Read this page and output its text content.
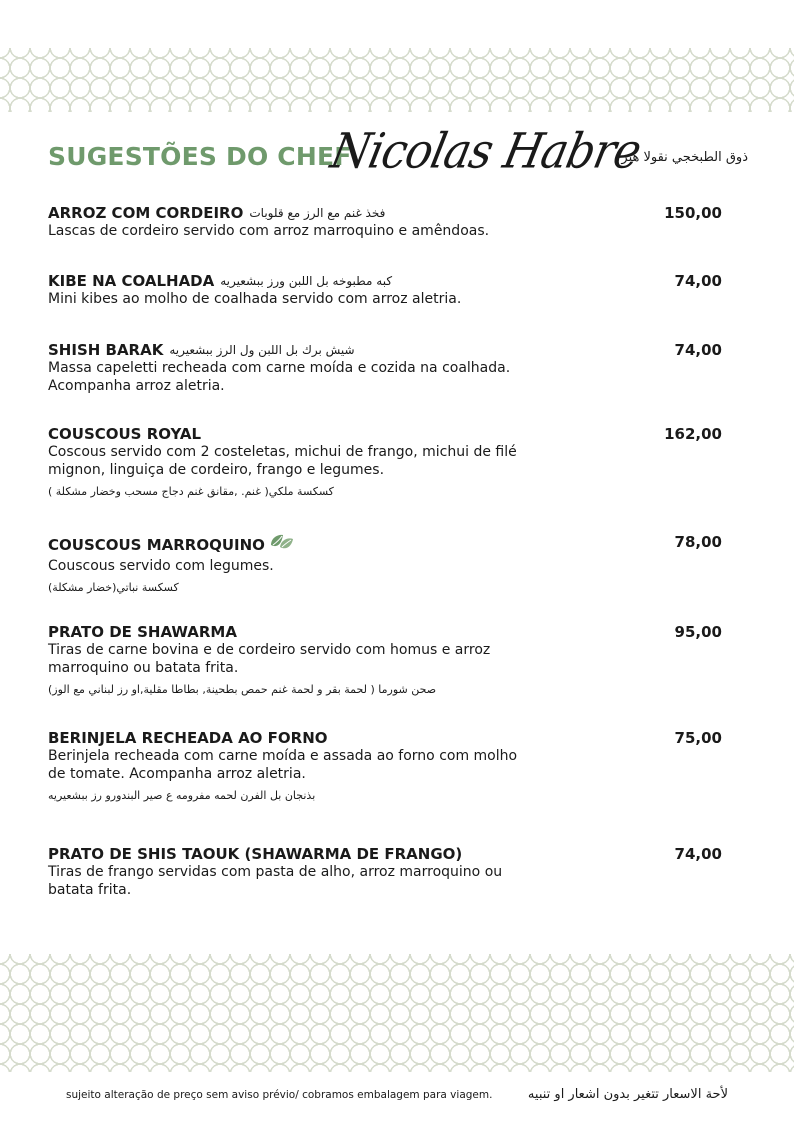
SUGESTÕES DO CHEF
Nicolas Habre
ذوق الطبخجي نقولا هبر
ARROZ COM CORDEIRO فخذ غنم مع الرز مع قلوبات	150,00
Lascas de cordeiro servido com arroz marroquino e amêndoas.
KIBE NA COALHADA كبه مطبوخه بل اللبن ورز ببشعيريه	74,00
Mini kibes ao molho de coalhada servido com arroz aletria.
SHISH BARAK شيش برك بل اللبن ول الرز ببشعيريه	74,00
Massa capeletti recheada com carne moída e cozida na coalhada. Acompanha arroz aletria.
COUSCOUS ROYAL	162,00
Coscous servido com 2 costeletas, michui de frango, michui de filé mignon, linguiça de cordeiro, frango e legumes.
كسكسة ملكي( غنم. ,مقانق غنم دجاج مسحب وخضار مشكلة )
COUSCOUS MARROQUINO	78,00
Couscous servido com legumes.
كسكسة نباتي(خضار مشكلة)
PRATO DE SHAWARMA	95,00
Tiras de carne bovina e de cordeiro servido com homus e arroz marroquino ou batata frita.
صحن شورما ( لحمة بقر و لحمة غنم حمص بطحينة, بطاطا مقلية,او رز لبناني مع الوز)
BERINJELA RECHEADA AO FORNO	75,00
Berinjela recheada com carne moída e assada ao forno com molho de tomate. Acompanha arroz aletria.
بذنجان بل الفرن لحمه مفرومه ع صير البندورو رز ببشعيريه
PRATO DE SHIS TAOUK (SHAWARMA DE FRANGO)	74,00
Tiras de frango servidas com pasta de alho, arroz marroquino ou batata frita.
sujeito alteração de preço sem aviso prévio/ cobramos embalagem para viagem.	لأحة الاسعار تتغير بدون اشعار او تنبيه
